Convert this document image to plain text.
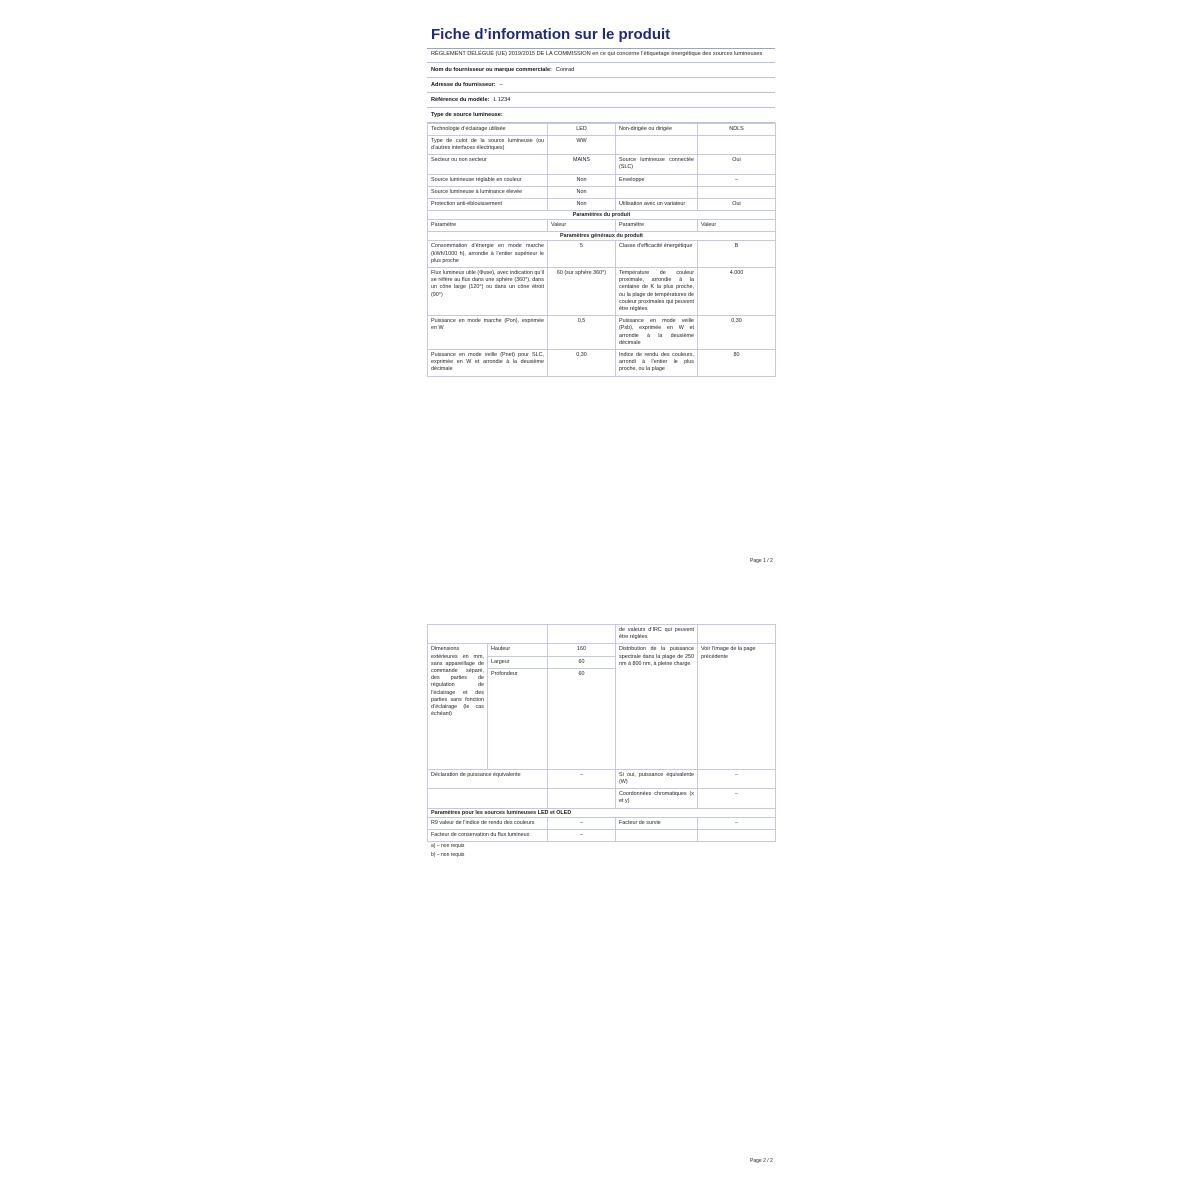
Fiche d’information sur le produit
RÈGLEMENT DÉLÉGUÉ (UE) 2019/2015 DE LA COMMISSION en ce qui concerne l’étiquetage énergétique des sources lumineuses
Nom du fournisseur ou marque commerciale: Conrad
Adresse du fournisseur: –
Référence du modèle: L 1234
Type de source lumineuse:
Technologie d’éclairage utilisée	LED	Non-dirigée ou dirigée	NDLS
Type de culot de la source lumineuse (ou d’autres interfaces électriques)	WW		
Secteur ou non secteur	MAINS	Source lumineuse connectée (SLC)	Oui
Source lumineuse réglable en couleur	Non	Enveloppe	–
Source lumineuse à luminance élevée	Non		
Protection anti-éblouissement	Non	Utilisation avec un variateur	Oui
Paramètres du produit			
Paramètre	Valeur	Paramètre	Valeur
Paramètres généraux du produit			
Consommation d’énergie en mode marche (kWh/1000 h), arrondie à l’entier supérieur le plus proche	5	Classe d’efficacité énergétique	B
Flux lumineux utile (Φuse), avec indication qu’il se réfère au flux dans une sphère (360°), dans un cône large (120°) ou dans un cône étroit (90°)	60 (sur sphère 360°)	Température de couleur proximale, arrondie à la centaine de K la plus proche, ou la plage de températures de couleur proximales qui peuvent être réglées	4.000
Puissance en mode marche (Pon), exprimée en W	0,5	Puissance en mode veille (Psb), exprimée en W et arrondie à la deuxième décimale	0,30
Puissance en mode veille (Pnet) pour SLC, exprimée en W et arrondie à la deuxième décimale	0,30	Indice de rendu des couleurs, arrondi à l’entier le plus proche, ou la plage	80
Page 1 / 2
			de valeurs d’IRC qui peuvent être réglées	
Dimensions extérieures en mm, sans appareillage de commande séparé, des parties de régulation de l’éclairage et des parties sans fonction d’éclairage (le cas échéant)	Hauteur	160	Distribution de la puissance spectrale dans la plage de 250 nm à 800 nm, à pleine charge	Voir l’image de la page précédente
	Largeur	60		
	Profondeur	60		
Déclaration de puissance équivalente		–	Si oui, puissance équivalente (W)	–
			Coordonnées chromatiques (x et y)	–
Paramètres pour les sources lumineuses LED et OLED				
R9 valeur de l’indice de rendu des couleurs		–	Facteur de survie	–
Facteur de conservation du flux lumineux		–		
a) – non requis
b) – non requis
Page 2 / 2
